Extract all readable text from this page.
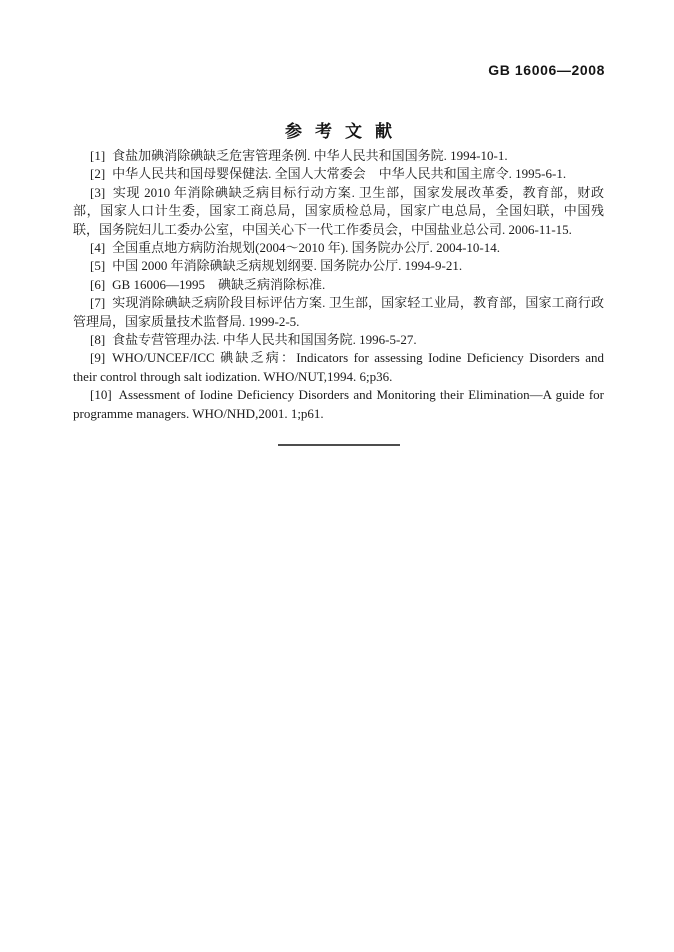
GB 16006—2008
参考文献

[1] 食盐加碘消除碘缺乏危害管理条例. 中华人民共和国国务院. 1994-10-1.

[2] 中华人民共和国母婴保健法. 全国人大常委会　中华人民共和国主席令. 1995-6-1.

[3] 实现 2010 年消除碘缺乏病目标行动方案. 卫生部，国家发展改革委，教育部，财政部，国家人口计生委，国家工商总局，国家质检总局，国家广电总局，全国妇联，中国残联，国务院妇儿工委办公室，中国关心下一代工作委员会，中国盐业总公司. 2006-11-15.

[4] 全国重点地方病防治规划(2004～2010 年). 国务院办公厅. 2004-10-14.

[5] 中国 2000 年消除碘缺乏病规划纲要. 国务院办公厅. 1994-9-21.

[6] GB 16006—1995　碘缺乏病消除标准.

[7] 实现消除碘缺乏病阶段目标评估方案. 卫生部，国家轻工业局，教育部，国家工商行政管理局，国家质量技术监督局. 1999-2-5.

[8] 食盐专营管理办法. 中华人民共和国国务院. 1996-5-27.

[9] WHO/UNCEF/ICC 碘缺乏病：Indicators for assessing Iodine Deficiency Disorders and their control through salt iodization. WHO/NUT,1994. 6;p36.

[10] Assessment of Iodine Deficiency Disorders and Monitoring their Elimination—A guide for programme managers. WHO/NHD,2001. 1;p61.
